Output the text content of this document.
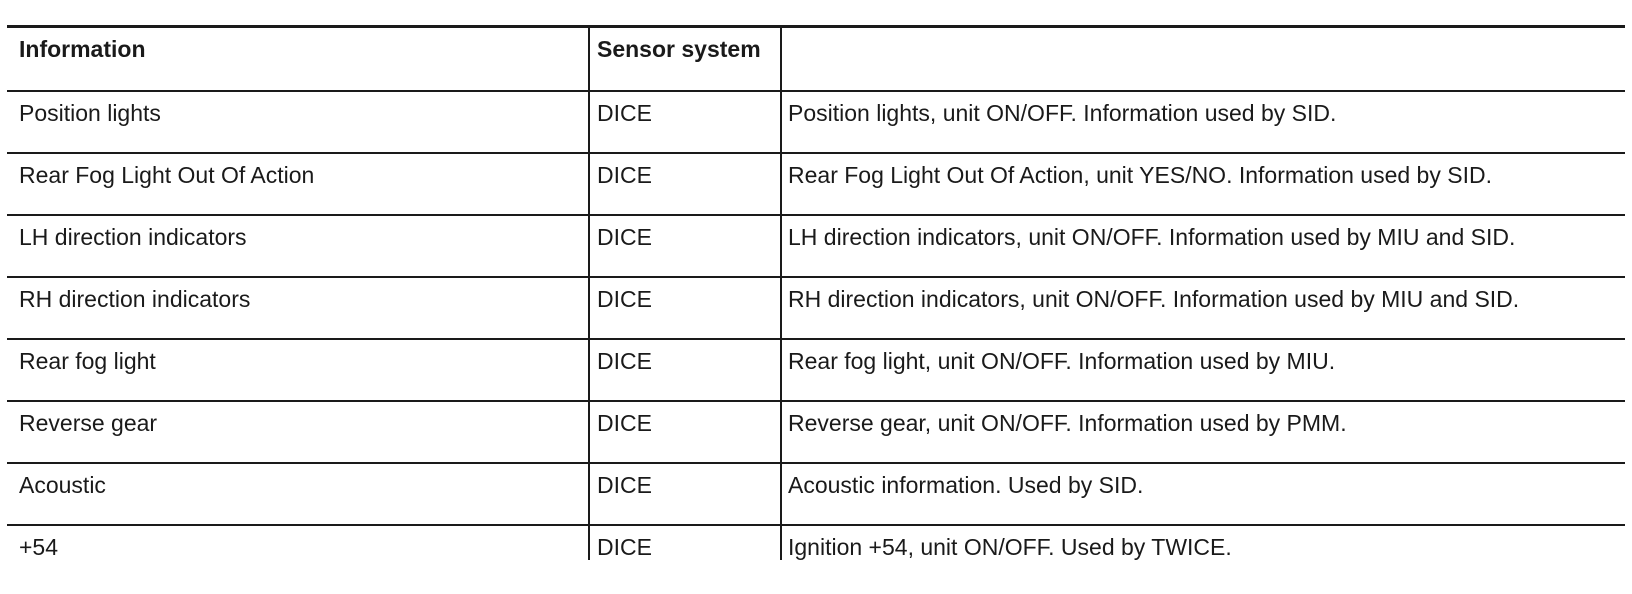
Information	Sensor system	
Position lights	DICE	Position lights, unit ON/OFF. Information used by SID.
Rear Fog Light Out Of Action	DICE	Rear Fog Light Out Of Action, unit YES/NO. Information used by SID.
LH direction indicators	DICE	LH direction indicators, unit ON/OFF. Information used by MIU and SID.
RH direction indicators	DICE	RH direction indicators, unit ON/OFF. Information used by MIU and SID.
Rear fog light	DICE	Rear fog light, unit ON/OFF. Information used by MIU.
Reverse gear	DICE	Reverse gear, unit ON/OFF. Information used by PMM.
Acoustic	DICE	Acoustic information. Used by SID.
+54	DICE	Ignition +54, unit ON/OFF. Used by TWICE.
